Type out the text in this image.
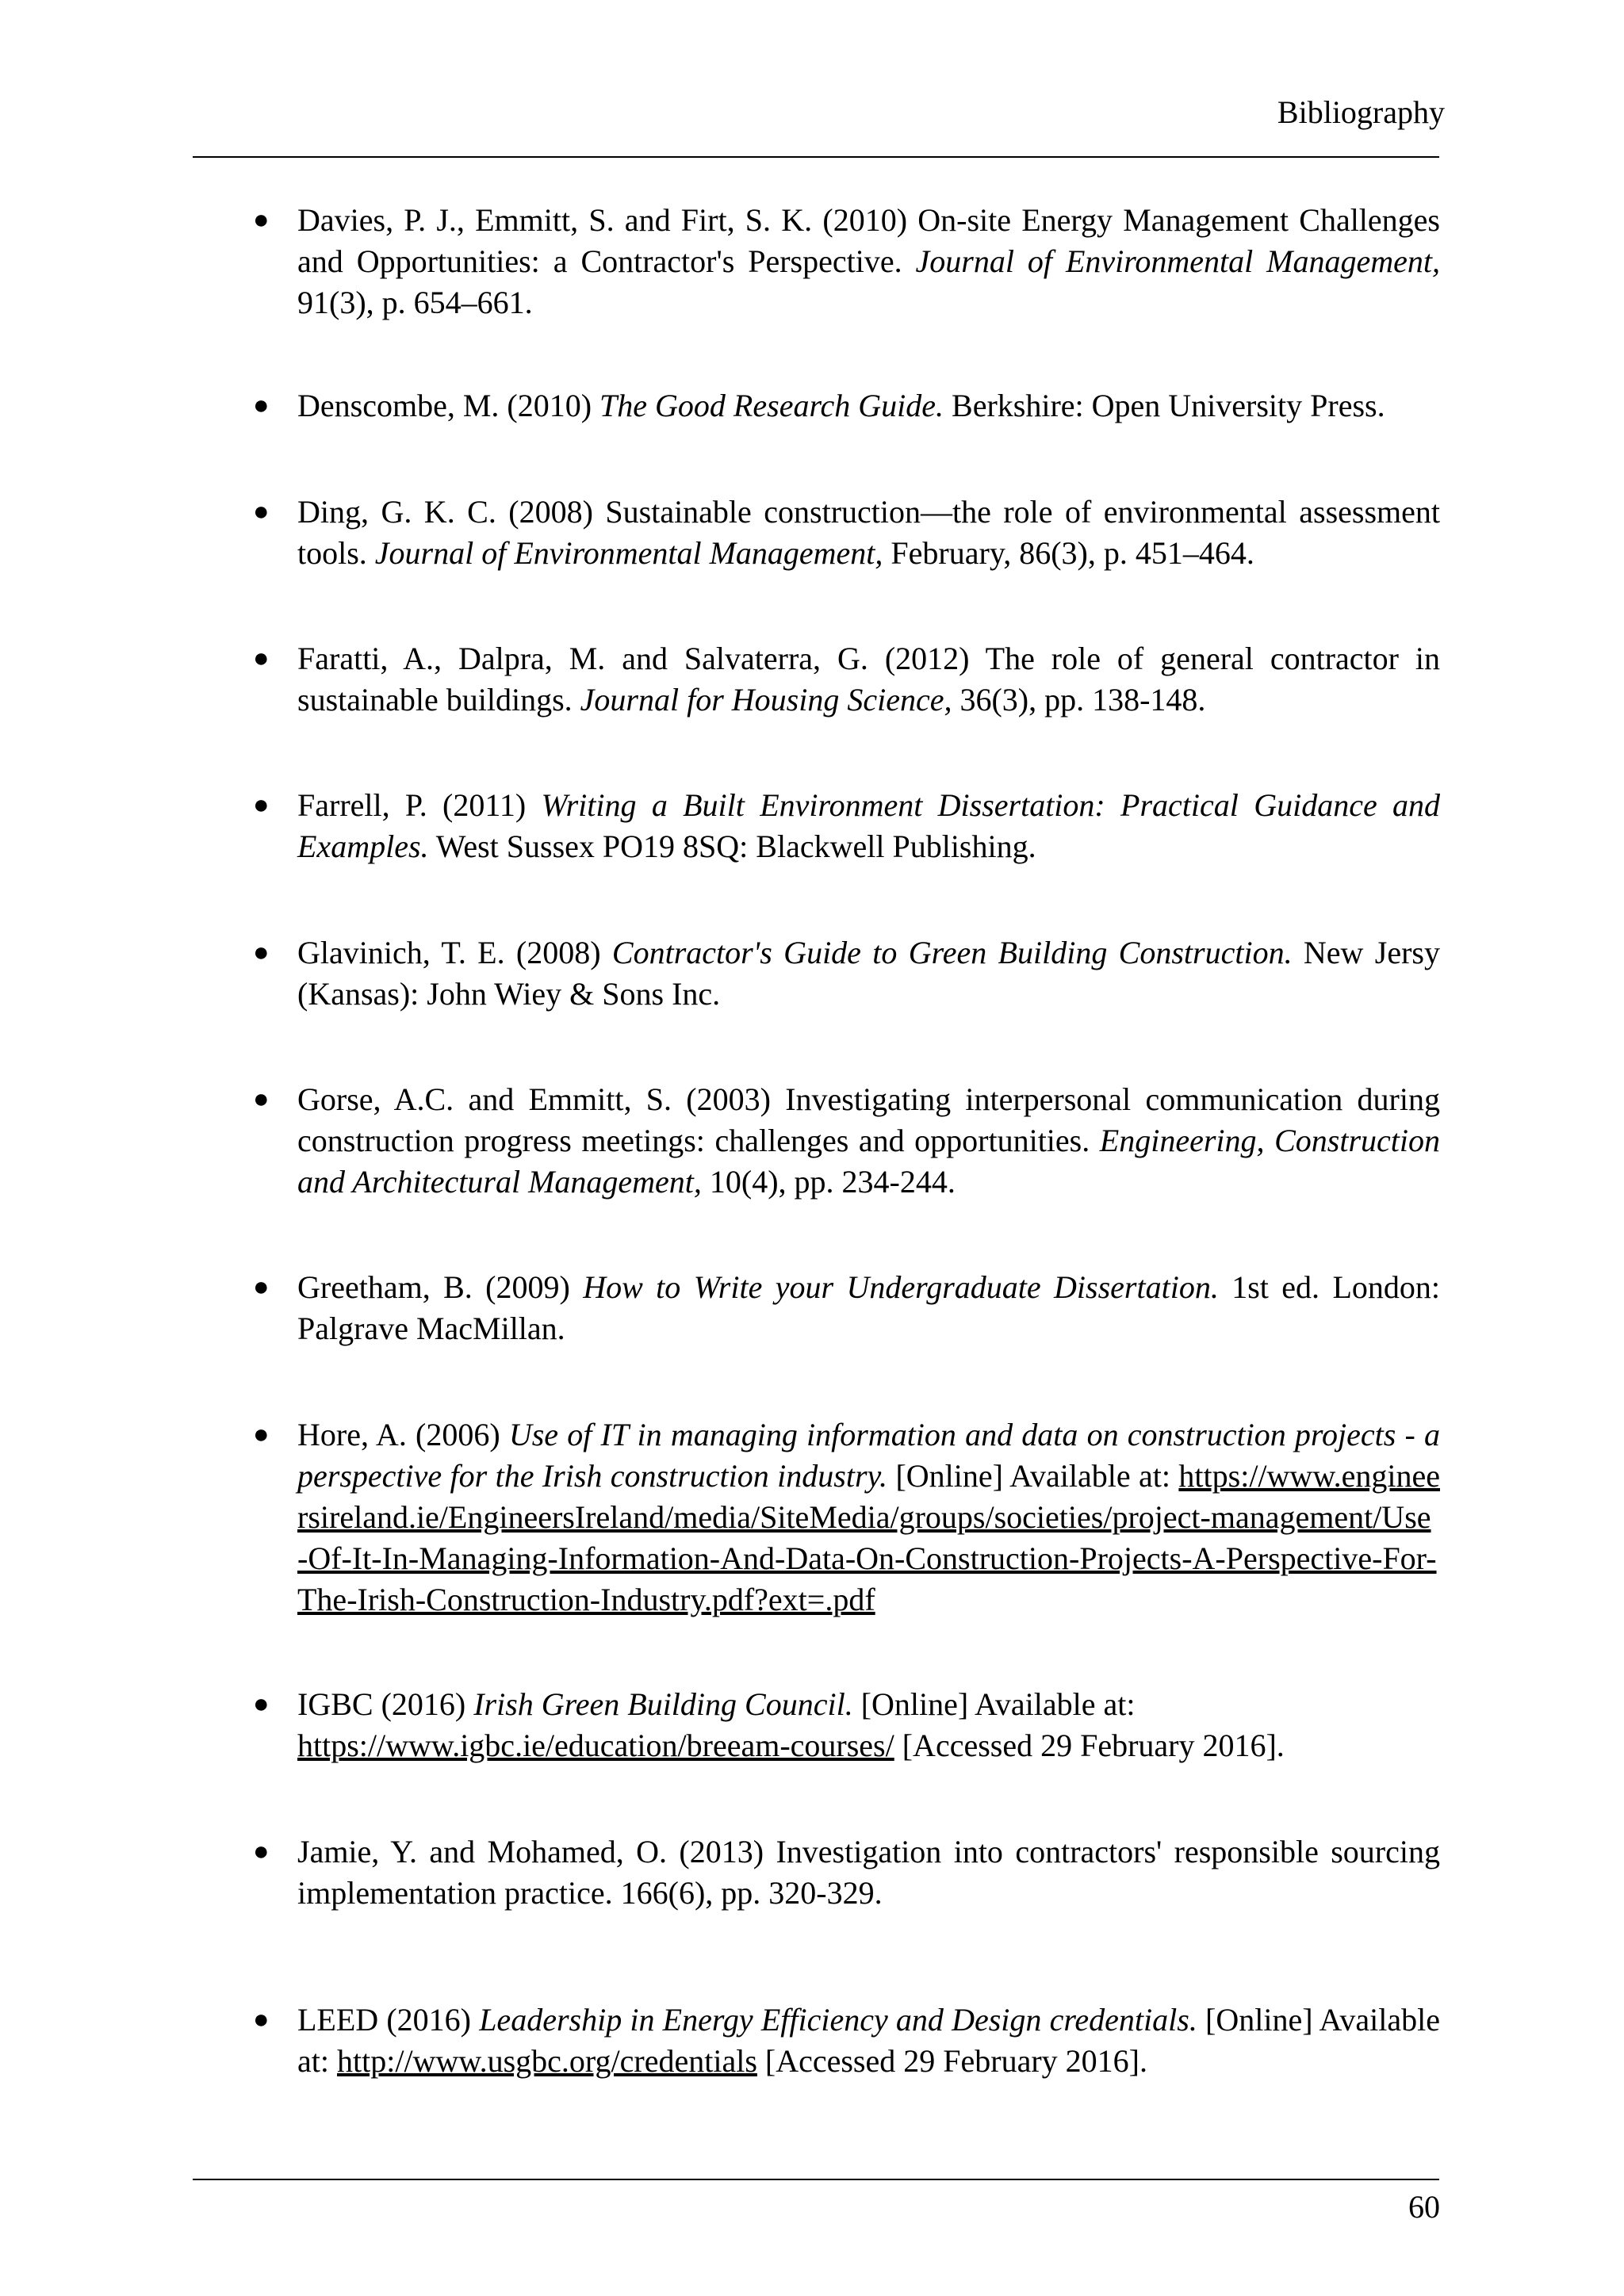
Bibliography
● Davies, P. J., Emmitt, S. and Firt, S. K. (2010) On-site Energy Management Challenges and Opportunities: a Contractor's Perspective. Journal of Environmental Management, 91(3), p. 654–661.
● Denscombe, M. (2010) The Good Research Guide. Berkshire: Open University Press.
● Ding, G. K. C. (2008) Sustainable construction—the role of environmental assessment tools. Journal of Environmental Management, February, 86(3), p. 451–464.
● Faratti, A., Dalpra, M. and Salvaterra, G. (2012) The role of general contractor in sustainable buildings. Journal for Housing Science, 36(3), pp. 138-148.
● Farrell, P. (2011) Writing a Built Environment Dissertation: Practical Guidance and Examples. West Sussex PO19 8SQ: Blackwell Publishing.
● Glavinich, T. E. (2008) Contractor's Guide to Green Building Construction. New Jersy (Kansas): John Wiey & Sons Inc.
● Gorse, A.C. and Emmitt, S. (2003) Investigating interpersonal communication during construction progress meetings: challenges and opportunities. Engineering, Construction and Architectural Management, 10(4), pp. 234-244.
● Greetham, B. (2009) How to Write your Undergraduate Dissertation. 1st ed. London: Palgrave MacMillan.
● Hore, A. (2006) Use of IT in managing information and data on construction projects - a perspective for the Irish construction industry. [Online] Available at: https://www.engineersireland.ie/EngineersIreland/media/SiteMedia/groups/societies/project-management/Use-Of-It-In-Managing-Information-And-Data-On-Construction-Projects-A-Perspective-For-The-Irish-Construction-Industry.pdf?ext=.pdf
● IGBC (2016) Irish Green Building Council. [Online] Available at:
https://www.igbc.ie/education/breeam-courses/ [Accessed 29 February 2016].
● Jamie, Y. and Mohamed, O. (2013) Investigation into contractors' responsible sourcing implementation practice. 166(6), pp. 320-329.
● LEED (2016) Leadership in Energy Efficiency and Design credentials. [Online] Available at: http://www.usgbc.org/credentials [Accessed 29 February 2016].
60
